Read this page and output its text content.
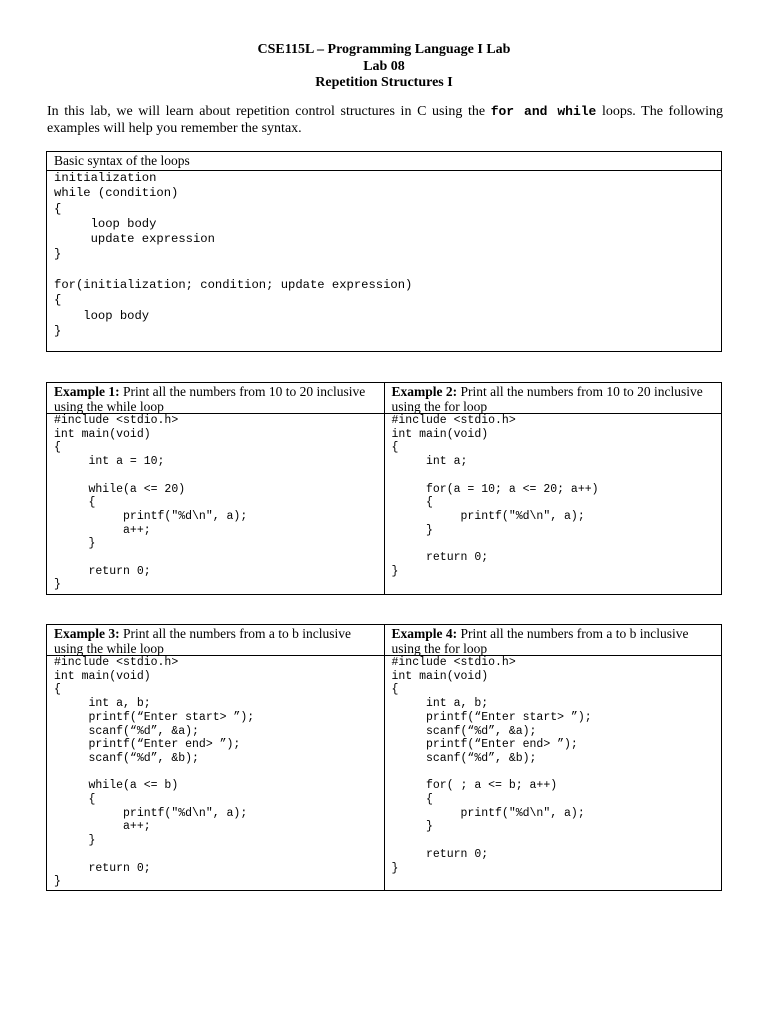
CSE115L – Programming Language I Lab
Lab 08
Repetition Structures I
In this lab, we will learn about repetition control structures in C using the for and while loops. The following examples will help you remember the syntax.
Basic syntax of the loops
initialization
while (condition)
{
loop body
update expression
}

for(initialization; condition; update expression)
{
loop body
}
Example 1: Print all the numbers from 10 to 20 inclusive using the while loop
#include <stdio.h>
int main(void)
{
int a = 10;

while(a <= 20)
{
printf("%d\n", a);
a++;
}

return 0;
}
Example 2: Print all the numbers from 10 to 20 inclusive using the for loop
#include <stdio.h>
int main(void)
{
int a;

for(a = 10; a <= 20; a++)
{
printf("%d\n", a);
}

return 0;
}
Example 3: Print all the numbers from a to b inclusive using the while loop
#include <stdio.h>
int main(void)
{
int a, b;
printf(“Enter start> ”);
scanf(“%d”, &a);
printf(“Enter end> ”);
scanf(“%d”, &b);

while(a <= b)
{
printf("%d\n", a);
a++;
}

return 0;
}
Example 4: Print all the numbers from a to b inclusive using the for loop
#include <stdio.h>
int main(void)
{
int a, b;
printf(“Enter start> ”);
scanf(“%d”, &a);
printf(“Enter end> ”);
scanf(“%d”, &b);

for( ; a <= b; a++)
{
printf("%d\n", a);
}

return 0;
}
